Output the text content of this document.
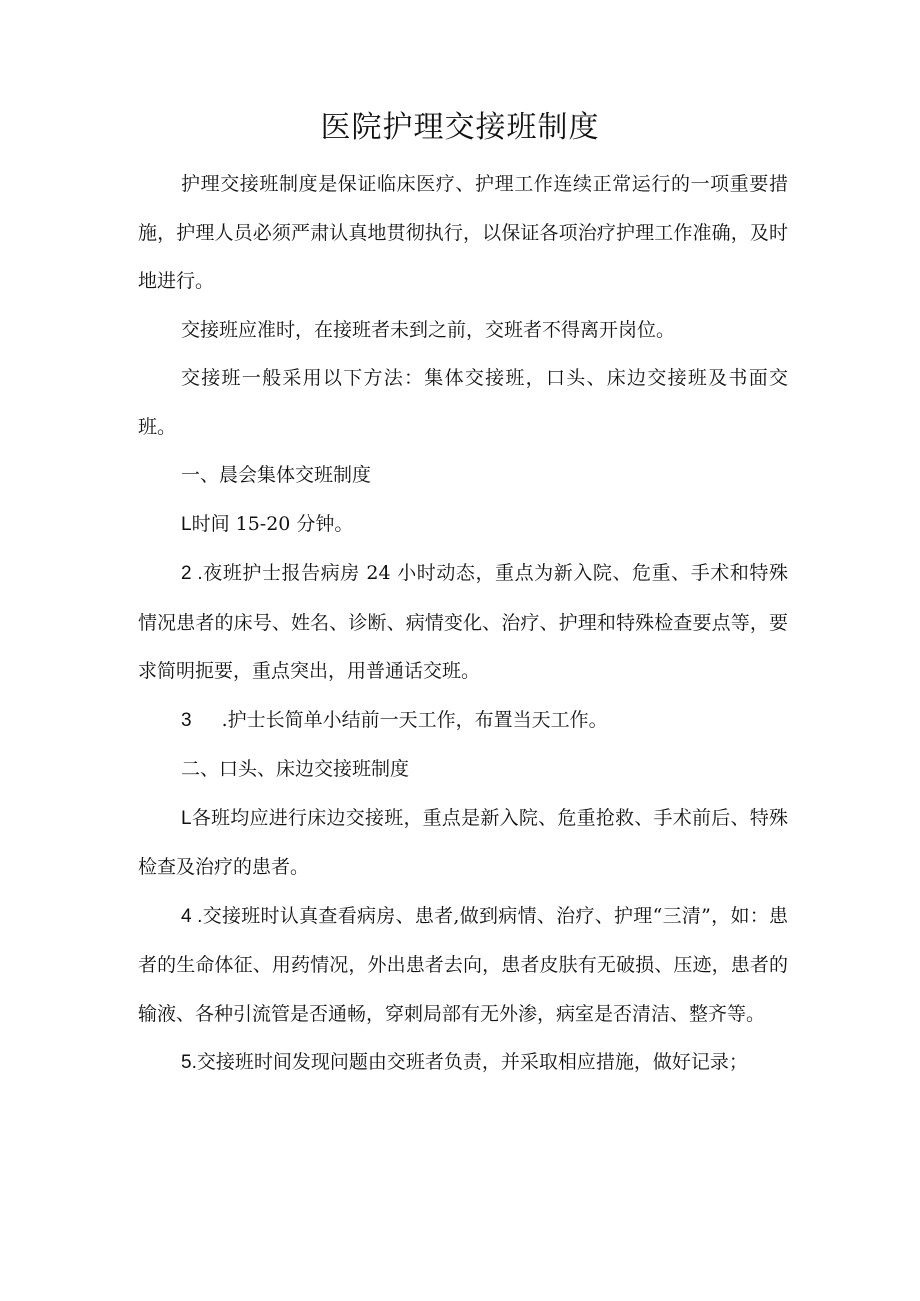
医院护理交接班制度

护理交接班制度是保证临床医疗、护理工作连续正常运行的一项重要措施，护理人员必须严肃认真地贯彻执行，以保证各项治疗护理工作准确，及时地进行。

交接班应准时，在接班者未到之前，交班者不得离开岗位。

交接班一般采用以下方法：集体交接班，口头、床边交接班及书面交班。

一、晨会集体交班制度

L时间 15-20 分钟。

2 .夜班护士报告病房 24 小时动态，重点为新入院、危重、手术和特殊情况患者的床号、姓名、诊断、病情变化、治疗、护理和特殊检查要点等，要求简明扼要，重点突出，用普通话交班。

3 .护士长简单小结前一天工作，布置当天工作。

二、口头、床边交接班制度

L各班均应进行床边交接班，重点是新入院、危重抢救、手术前后、特殊检查及治疗的患者。

4 .交接班时认真查看病房、患者,做到病情、治疗、护理“三清”，如：患者的生命体征、用药情况，外出患者去向，患者皮肤有无破损、压迹，患者的输液、各种引流管是否通畅，穿刺局部有无外渗，病室是否清洁、整齐等。

5.交接班时间发现问题由交班者负责，并采取相应措施，做好记录；
